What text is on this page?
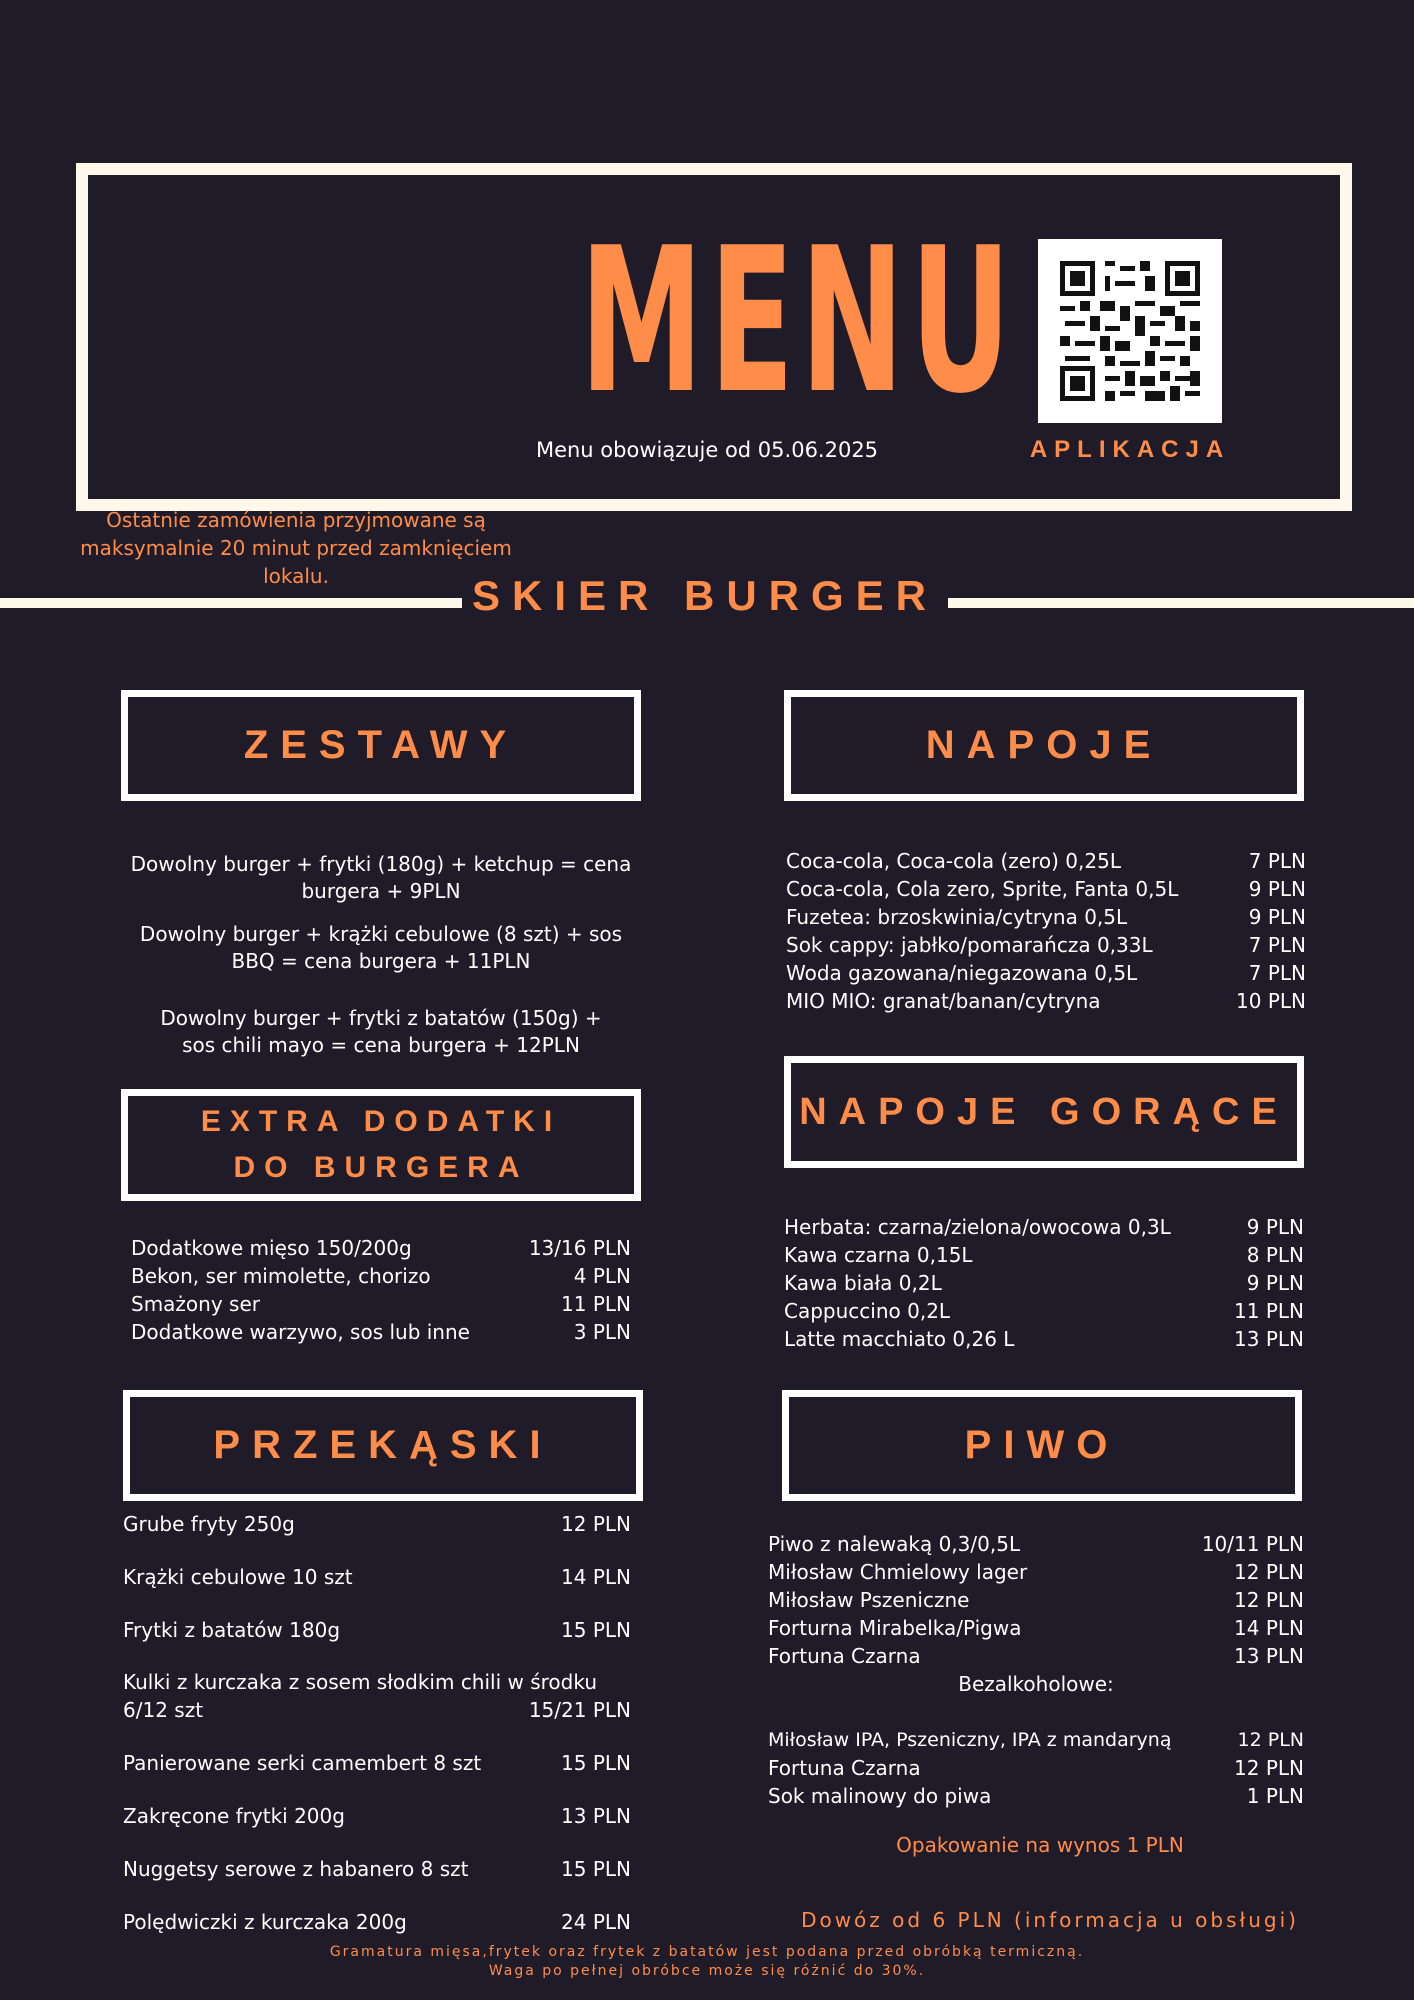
MENU
Menu obowiązuje od 05.06.2025	APLIKACJA
Ostatnie zamówienia przyjmowane są maksymalnie 20 minut przed zamknięciem lokalu.	SKIER BURGER
ZESTAWY
Dowolny burger + frytki (180g) + ketchup = cena burgera + 9PLN
Dowolny burger + krążki cebulowe (8 szt) + sos BBQ = cena burgera + 11PLN
Dowolny burger + frytki z batatów (150g) + sos chili mayo = cena burgera + 12PLN
EXTRA DODATKI DO BURGERA
Dodatkowe mięso 150/200g	13/16 PLN
Bekon, ser mimolette, chorizo	4 PLN
Smażony ser	11 PLN
Dodatkowe warzywo, sos lub inne	3 PLN
PRZEKĄSKI
Grube fryty 250g	12 PLN
Krążki cebulowe 10 szt	14 PLN
Frytki z batatów 180g	15 PLN
Kulki z kurczaka z sosem słodkim chili w środku
6/12 szt	15/21 PLN
Panierowane serki camembert 8 szt	15 PLN
Zakręcone frytki 200g	13 PLN
Nuggetsy serowe z habanero 8 szt	15 PLN
Polędwiczki z kurczaka 200g	24 PLN
NAPOJE
Coca-cola, Coca-cola (zero) 0,25L	7 PLN
Coca-cola, Cola zero, Sprite, Fanta 0,5L	9 PLN
Fuzetea: brzoskwinia/cytryna 0,5L	9 PLN
Sok cappy: jabłko/pomarańcza 0,33L	7 PLN
Woda gazowana/niegazowana 0,5L	7 PLN
MIO MIO: granat/banan/cytryna	10 PLN
NAPOJE GORĄCE
Herbata: czarna/zielona/owocowa 0,3L	9 PLN
Kawa czarna 0,15L	8 PLN
Kawa biała 0,2L	9 PLN
Cappuccino 0,2L	11 PLN
Latte macchiato 0,26 L	13 PLN
PIWO
Piwo z nalewaką 0,3/0,5L	10/11 PLN
Miłosław Chmielowy lager	12 PLN
Miłosław Pszeniczne	12 PLN
Forturna Mirabelka/Pigwa	14 PLN
Fortuna Czarna	13 PLN
Bezalkoholowe:
Miłosław IPA, Pszeniczny, IPA z mandaryną	12 PLN
Fortuna Czarna	12 PLN
Sok malinowy do piwa	1 PLN
Opakowanie na wynos 1 PLN
Dowóz od 6 PLN (informacja u obsługi)
Gramatura mięsa,frytek oraz frytek z batatów jest podana przed obróbką termiczną.
Waga po pełnej obróbce może się różnić do 30%.
